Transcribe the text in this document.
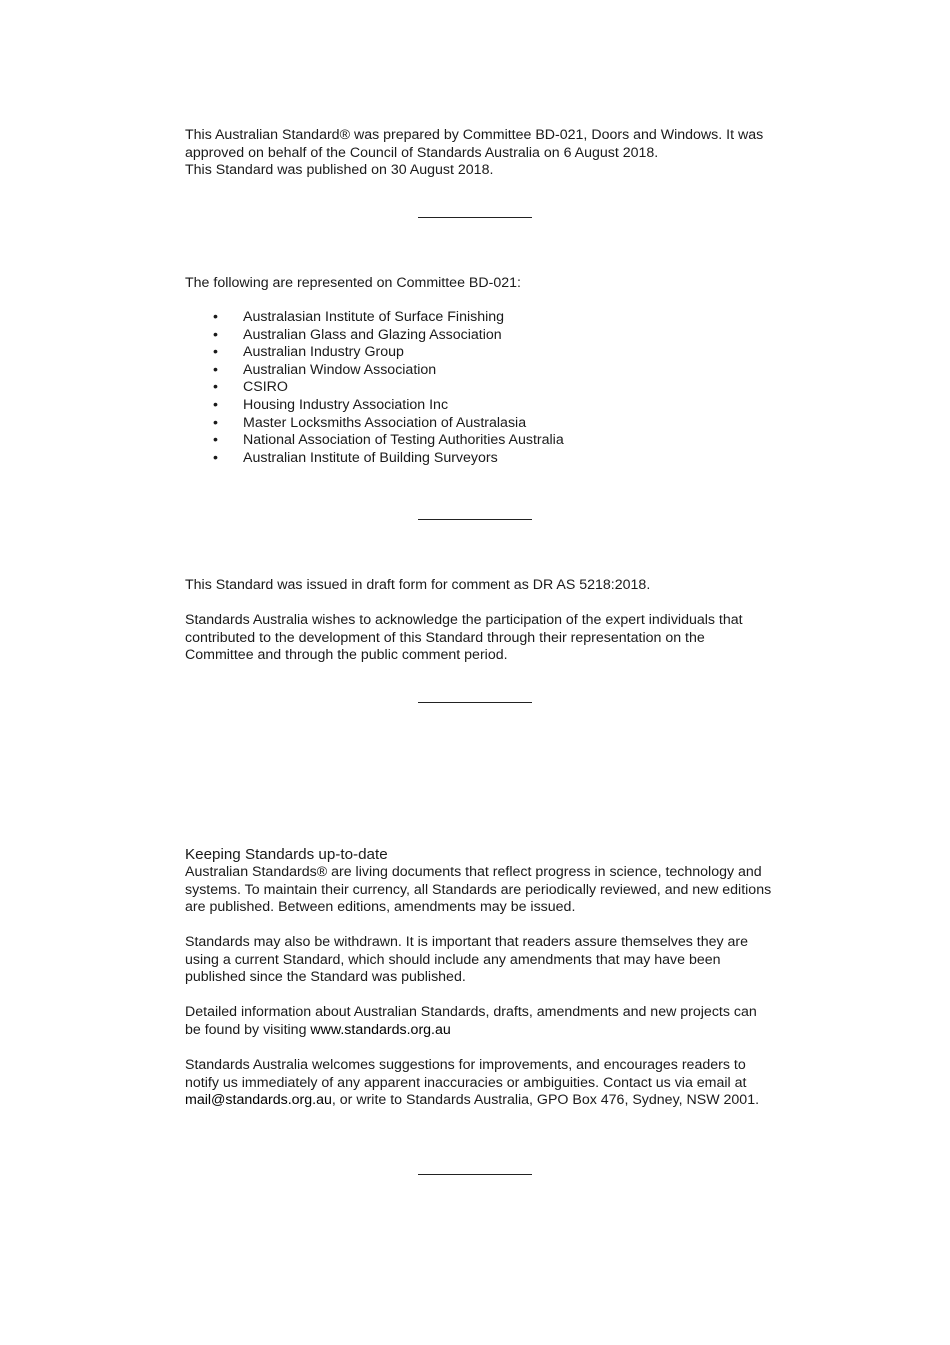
This Australian Standard® was prepared by Committee BD-021, Doors and Windows. It was

approved on behalf of the Council of Standards Australia on 6 August 2018.

This Standard was published on 30 August 2018.

The following are represented on Committee BD-021:

• Australasian Institute of Surface Finishing
• Australian Glass and Glazing Association
• Australian Industry Group
• Australian Window Association
• CSIRO
• Housing Industry Association Inc
• Master Locksmiths Association of Australasia
• National Association of Testing Authorities Australia
• Australian Institute of Building Surveyors

This Standard was issued in draft form for comment as DR AS 5218:2018.

Standards Australia wishes to acknowledge the participation of the expert individuals that

contributed to the development of this Standard through their representation on the

Committee and through the public comment period.

Keeping Standards up-to-date

Australian Standards® are living documents that reflect progress in science, technology and

systems. To maintain their currency, all Standards are periodically reviewed, and new editions

are published. Between editions, amendments may be issued.

Standards may also be withdrawn. It is important that readers assure themselves they are

using a current Standard, which should include any amendments that may have been

published since the Standard was published.

Detailed information about Australian Standards, drafts, amendments and new projects can

be found by visiting www.standards.org.au

Standards Australia welcomes suggestions for improvements, and encourages readers to

notify us immediately of any apparent inaccuracies or ambiguities. Contact us via email at

mail@standards.org.au, or write to Standards Australia, GPO Box 476, Sydney, NSW 2001.
